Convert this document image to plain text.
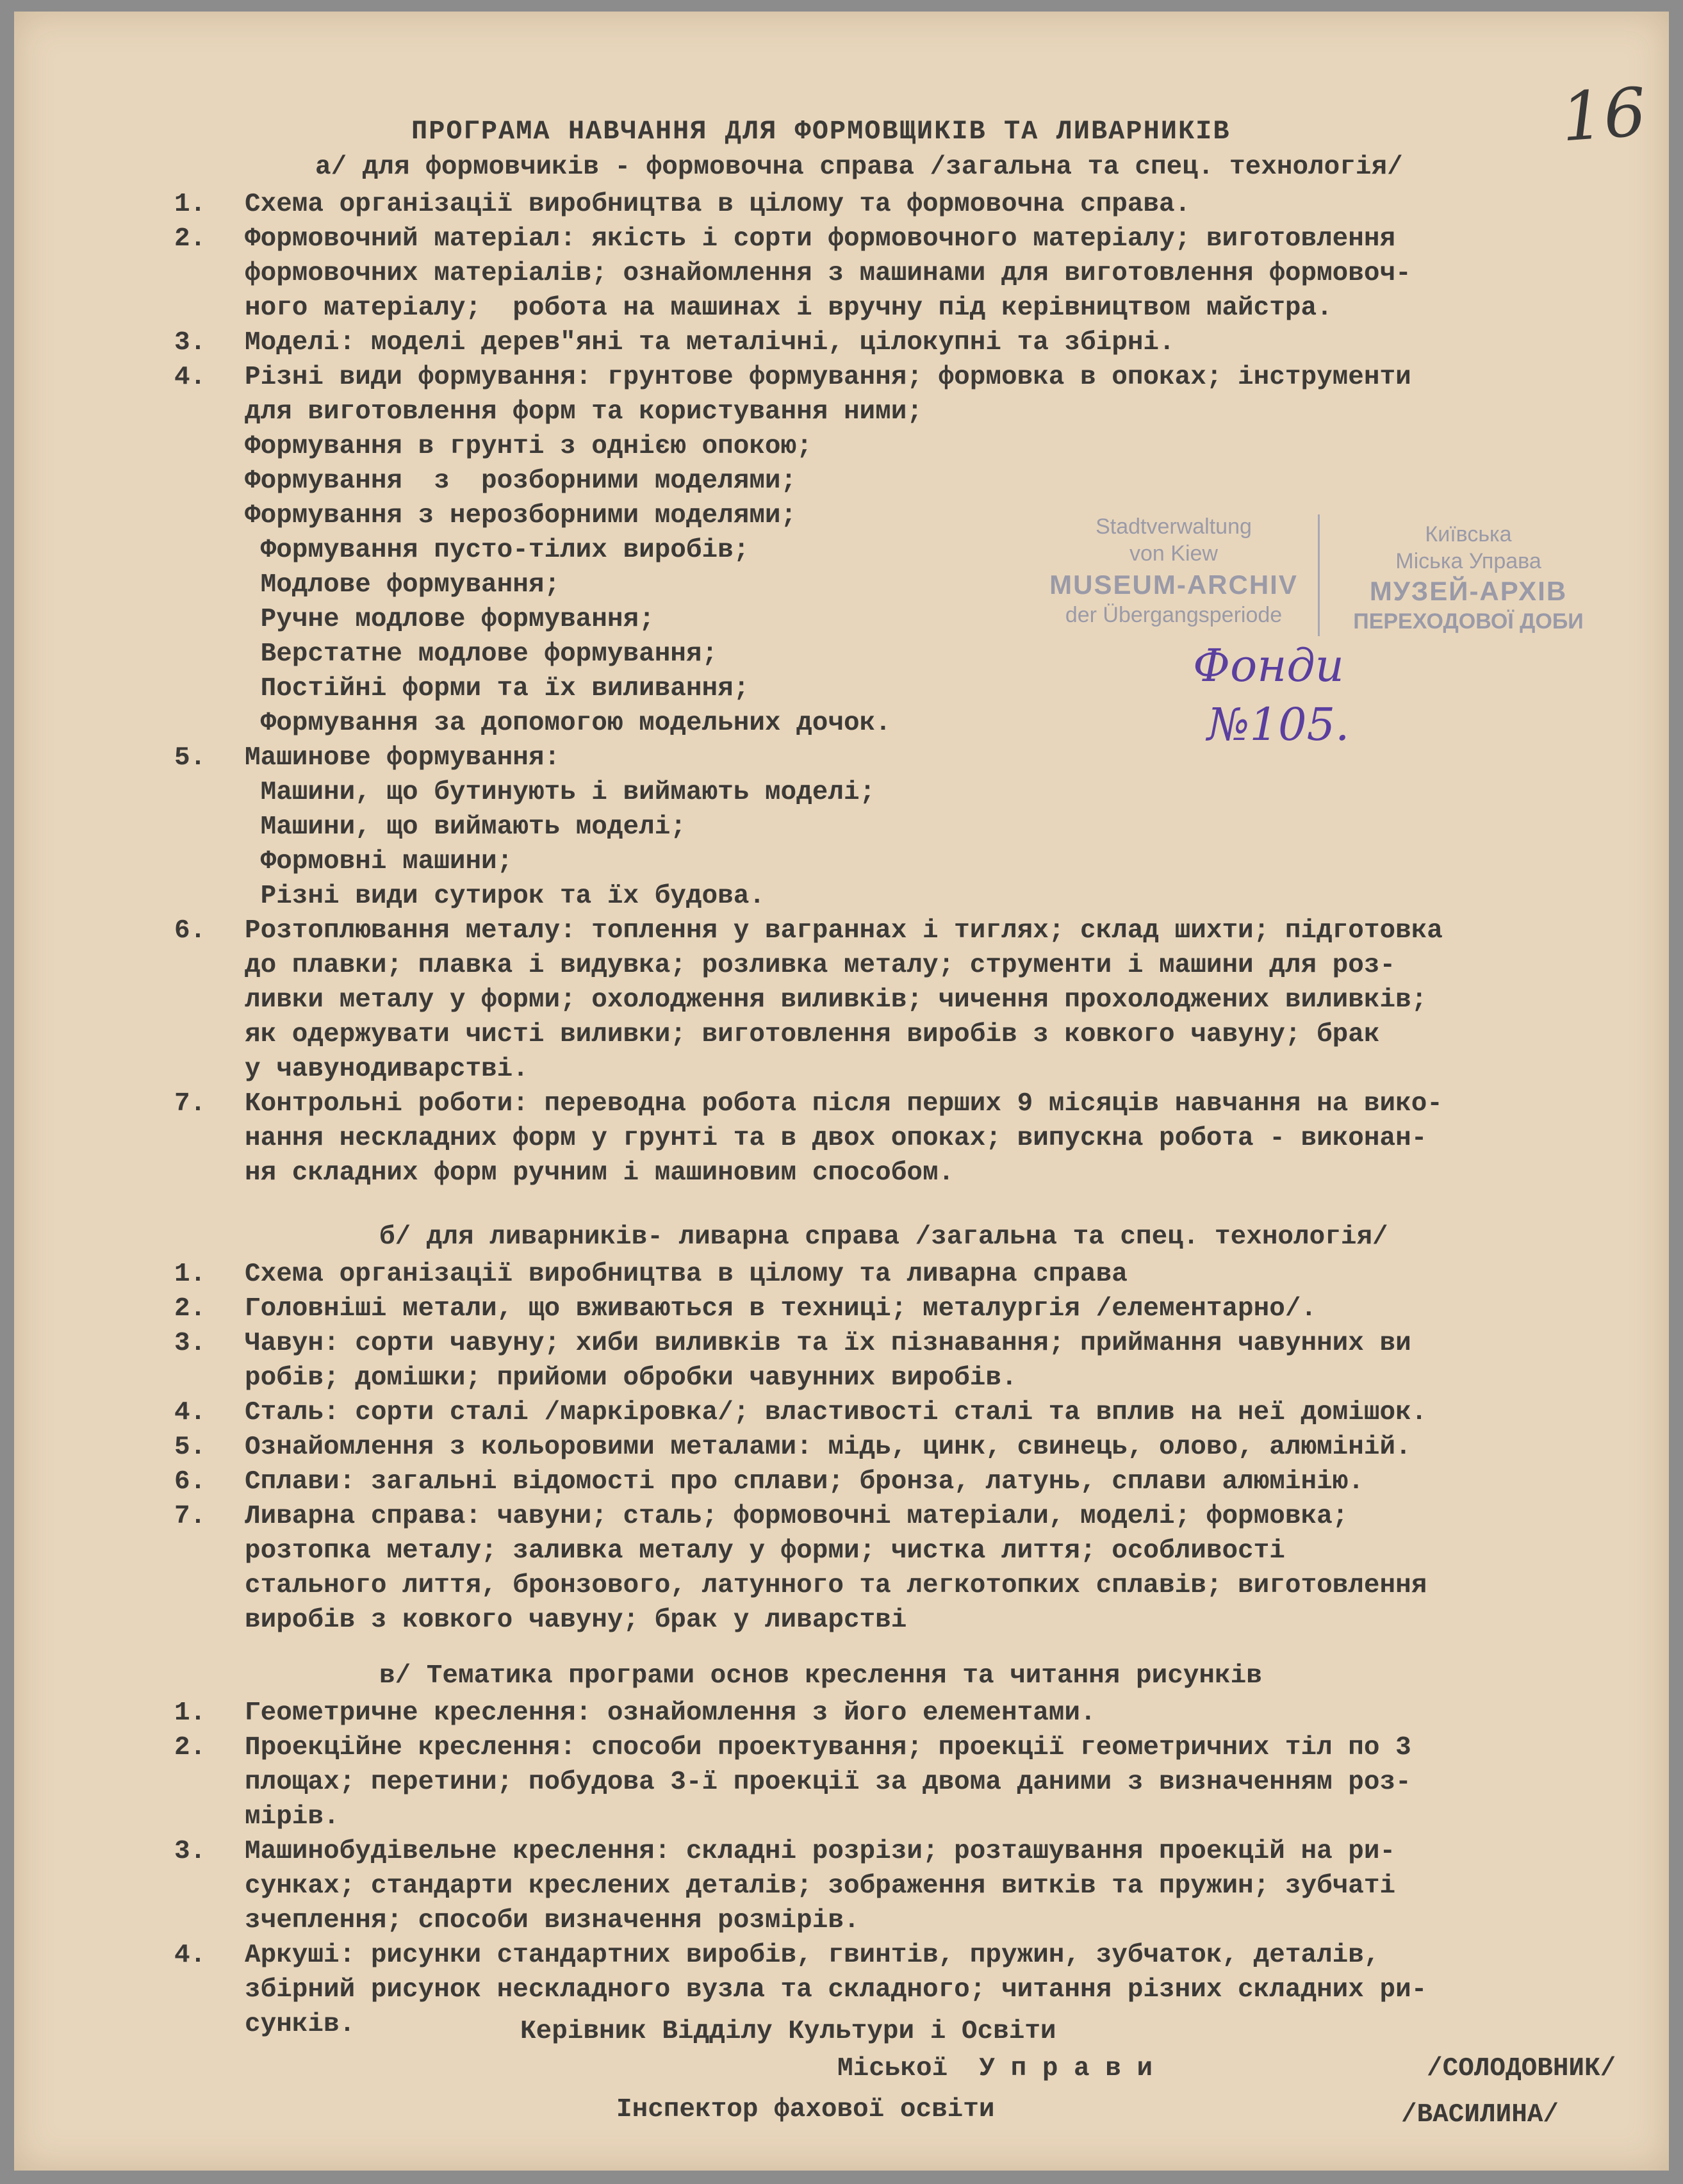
16
ПРОГРАМА НАВЧАННЯ ДЛЯ ФОРМОВЩИКІВ ТА ЛИВАРНИКІВ
а/ для формовчиків - формовочна справа /загальна та спец. технологія/
1. Схема організації виробництва в цілому та формовочна справа.
2. Формовочний матеріал: якість і сорти формовочного матеріалу; виготовлення
формовочних матеріалів; ознайомлення з машинами для виготовлення формовоч-
ного матеріалу;  робота на машинах і вручну під керівництвом майстра.
3. Моделі: моделі дерев"яні та металічні, цілокупні та збірні.
4. Різні види формування: грунтове формування; формовка в опоках; інструменти
для виготовлення форм та користування ними;
Формування в грунті з однією опокою;
Формування  з  розборними моделями;
Формування з нерозборними моделями;
Формування пусто-тілих виробів;
Модлове формування;
Ручне модлове формування;
Верстатне модлове формування;
Постійні форми та їх виливання;
Формування за допомогою модельних дочок.
5. Машинове формування:
Машини, що бутинують і виймають моделі;
Машини, що виймають моделі;
Формовні машини;
Різні види сутирок та їх будова.
6. Розтоплювання металу: топлення у ваграннах і тиглях; склад шихти; підготовка
до плавки; плавка і видувка; розливка металу; струменти і машини для роз-
ливки металу у форми; охолодження виливків; чичення прохолоджених виливків;
як одержувати чисті виливки; виготовлення виробів з ковкого чавуну; брак
у чавунодиварстві.
7. Контрольні роботи: переводна робота після перших 9 місяців навчання на вико-
нання нескладних форм у грунті та в двох опоках; випускна робота - виконан-
ня складних форм ручним і машиновим способом.
б/ для ливарників- ливарна справа /загальна та спец. технологія/
1. Схема організації виробництва в цілому та ливарна справа
2. Головніші метали, що вживаються в техниці; металургія /елементарно/.
3. Чавун: сорти чавуну; хиби виливків та їх пізнавання; приймання чавунних ви
робів; домішки; прийоми обробки чавунних виробів.
4. Сталь: сорти сталі /маркіровка/; властивості сталі та вплив на неї домішок.
5. Ознайомлення з кольоровими металами: мідь, цинк, свинець, олово, алюміній.
6. Сплави: загальні відомості про сплави; бронза, латунь, сплави алюмінію.
7. Ливарна справа: чавуни; сталь; формовочні матеріали, моделі; формовка;
розтопка металу; заливка металу у форми; чистка лиття; особливості
стального лиття, бронзового, латунного та легкотопких сплавів; виготовлення
виробів з ковкого чавуну; брак у ливарстві
в/ Тематика програми основ креслення та читання рисунків
1. Геометричне креслення: ознайомлення з його елементами.
2. Проекційне креслення: способи проектування; проекції геометричних тіл по 3
площах; перетини; побудова 3-ї проекції за двома даними з визначенням роз-
мірів.
3. Машинобудівельне креслення: складні розрізи; розташування проекцій на ри-
сунках; стандарти креслених деталів; зображення витків та пружин; зубчаті
зчеплення; способи визначення розмірів.
4. Аркуші: рисунки стандартних виробів, гвинтів, пружин, зубчаток, деталів,
збірний рисунок нескладного вузла та складного; читання різних складних ри-
сунків.
Stadtverwaltung
von Kiew
MUSEUM-ARCHIV
der Übergangsperiode
Київська
Міська Управа
МУЗЕЙ-АРХІВ
ПЕРЕХОДОВОЇ ДОБИ
Фонди
№105.
Керівник Відділу Культури і Освіти
Міської  У п р а в и	/СОЛОДОВНИК/
Інспектор фахової освіти	/ВАСИЛИНА/
